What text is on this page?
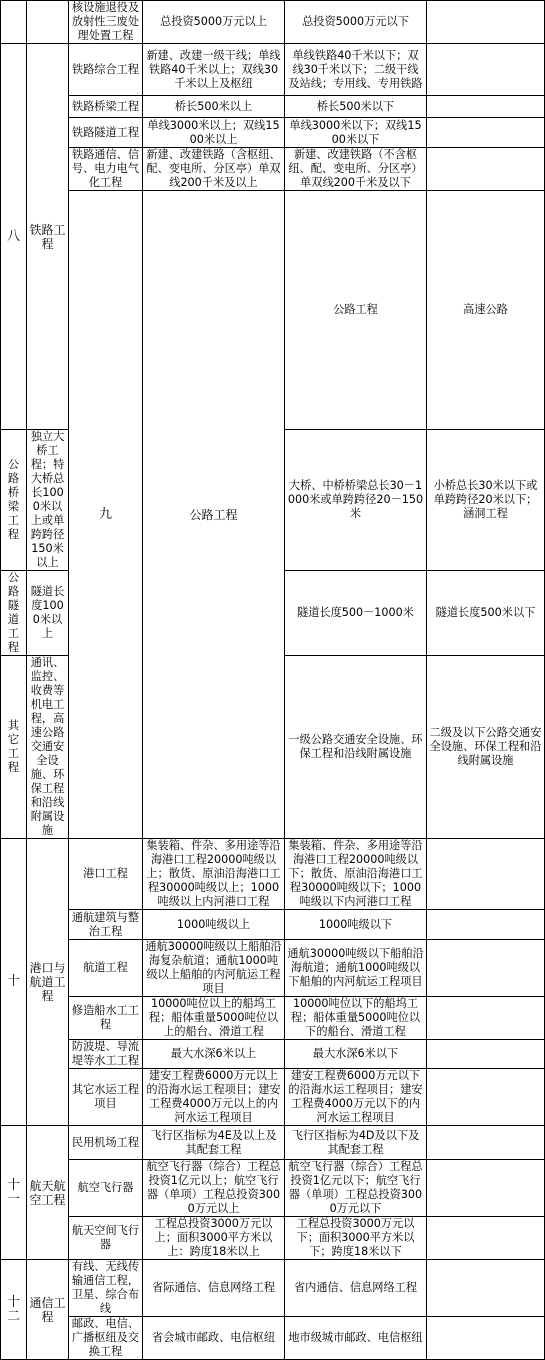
		核设施退役及放射性三废处理处置工程	总投资5000万元以上	总投资5000万元以下		
八	铁路工程	铁路综合工程	新建、改建一级干线；单线铁路40千米以上；双线30千米以上及枢纽	单线铁路40千米以下；双线30千米以下；二级干线及站线；专用线、专用铁路		
		铁路桥梁工程	桥长500米以上	桥长500米以下		
		铁路隧道工程	单线3000米以上；双线1500米以上	单线3000米以下；双线1500米以下		
		铁路通信、信号、电力电气化工程	新建、改建铁路（含枢纽、配、变电所、分区亭）单双线200千米及以上	新建、改建铁路（不含枢纽、配、变电所、分区亭）单双线200千米及以下		
		九	公路工程	公路工程	高速公路		
公路桥梁工程	独立大桥工程；特大桥总长1000米以上或单跨跨径150米以上			大桥、中桥桥梁总长30－1000米或单跨跨径20－150米	小桥总长30米以下或单跨跨径20米以下；涵洞工程	
公路隧道工程	隧道长度1000米以上			隧道长度500－1000米	隧道长度500米以下	
其它工程	通讯、监控、收费等机电工程，高速公路交通安全设施、环保工程和沿线附属设施			一级公路交通安全设施、环保工程和沿线附属设施	二级及以下公路交通安全设施、环保工程和沿线附属设施	
十	港口与航道工程	港口工程	集装箱、件杂、多用途等沿海港口工程20000吨级以上；散货、原油沿海港口工程30000吨级以上；1000吨级以上内河港口工程	集装箱、件杂、多用途等沿海港口工程20000吨级以下；散货、原油沿海港口工程30000吨级以下；1000吨级以下内河港口工程		
		通航建筑与整治工程	1000吨级以上	1000吨级以下		
		航道工程	通航30000吨级以上船舶沿海复杂航道；通航1000吨级以上船舶的内河航运工程项目	通航30000吨级以下船舶沿海航道；通航1000吨级以下船舶的内河航运工程项目		
		修造船水工工程	10000吨位以上的船坞工程；船体重量5000吨位以上的船台、滑道工程	10000吨位以下的船坞工程；船体重量5000吨位以下的船台、滑道工程		
		防波堤、导流堤等水工工程	最大水深6米以上	最大水深6米以下		
		其它水运工程项目	建安工程费6000万元以上的沿海水运工程项目；建安工程费4000万元以上的内河水运工程项目	建安工程费6000万元以下的沿海水运工程项目；建安工程费4000万元以下的内河水运工程项目		
十一	航天航空工程	民用机场工程	飞行区指标为4E及以上及其配套工程	飞行区指标为4D及以下及其配套工程		
		航空飞行器	航空飞行器（综合）工程总投资1亿元以上；航空飞行器（单项）工程总投资3000万元以上	航空飞行器（综合）工程总投资1亿元以下；航空飞行器（单项）工程总投资3000万元以下		
		航天空间飞行器	工程总投资3000万元以上；面积3000平方米以上：跨度18米以上	工程总投资3000万元以下；面积3000平方米以下；跨度18米以下		
十二	通信工程	有线、无线传输通信工程，卫星、综合布线	省际通信、信息网络工程	省内通信、信息网络工程		
		邮政、电信、广播枢纽及交换工程	省会城市邮政、电信枢纽	地市级城市邮政、电信枢纽		
